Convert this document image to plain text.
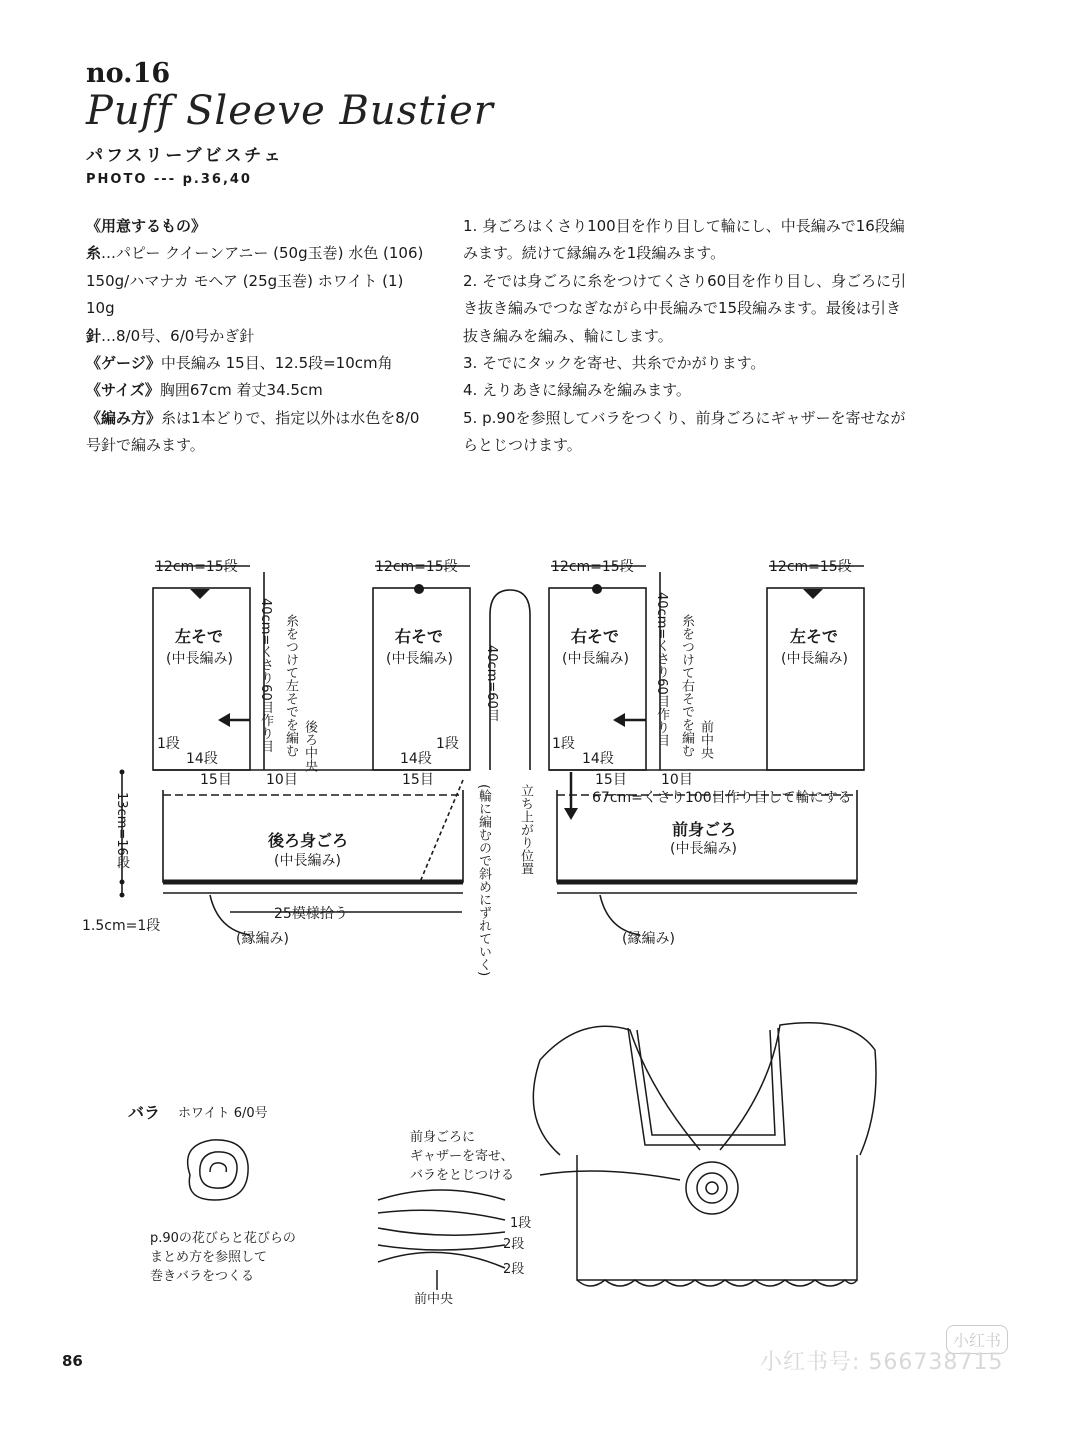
no.16
Puff Sleeve Bustier
パフスリーブビスチェ
PHOTO --- p.36,40
《用意するもの》
糸…パピー クイーンアニー (50g玉巻) 水色 (106) 150g/ハマナカ モヘア (25g玉巻) ホワイト (1) 10g
針…8/0号、6/0号かぎ針
《ゲージ》中長編み 15目、12.5段=10cm角
《サイズ》胸囲67cm 着丈34.5cm
《編み方》糸は1本どりで、指定以外は水色を8/0号針で編みます。
1. 身ごろはくさり100目を作り目して輪にし、中長編みで16段編みます。続けて縁編みを1段編みます。
2. そでは身ごろに糸をつけてくさり60目を作り目し、身ごろに引き抜き編みでつなぎながら中長編みで15段編みます。最後は引き抜き編みを編み、輪にします。
3. そでにタックを寄せ、共糸でかがります。
4. えりあきに縁編みを編みます。
5. p.90を参照してバラをつくり、前身ごろにギャザーを寄せながらとじつけます。
12cm=15段	12cm=15段	12cm=15段	12cm=15段
左そで
(中長編み)
右そで
(中長編み)
右そで
(中長編み)
左そで
(中長編み)
40cm=くさり60目作り目	40cm=くさり60目作り目
糸をつけて左そでを編む	糸をつけて右そでを編む
40cm=60目
後ろ中央	前中央
1段	1段	1段
14段	14段	14段
15目 10目	15目	15目 10目
13cm=16段
1.5cm=1段
後ろ身ごろ
(中長編み)
前身ごろ
(中長編み)
67cm=くさり100目作り目して輪にする
立ち上がり位置
(輪に編むので斜めにずれていく)
25模様拾う
(縁編み)	(縁編み)
バラ ホワイト 6/0号
p.90の花びらと花びらの
まとめ方を参照して
巻きバラをつくる
前身ごろに
ギャザーを寄せ、
バラをとじつける
1段
2段
2段
前中央
86
小红书
小红书号: 566738715
